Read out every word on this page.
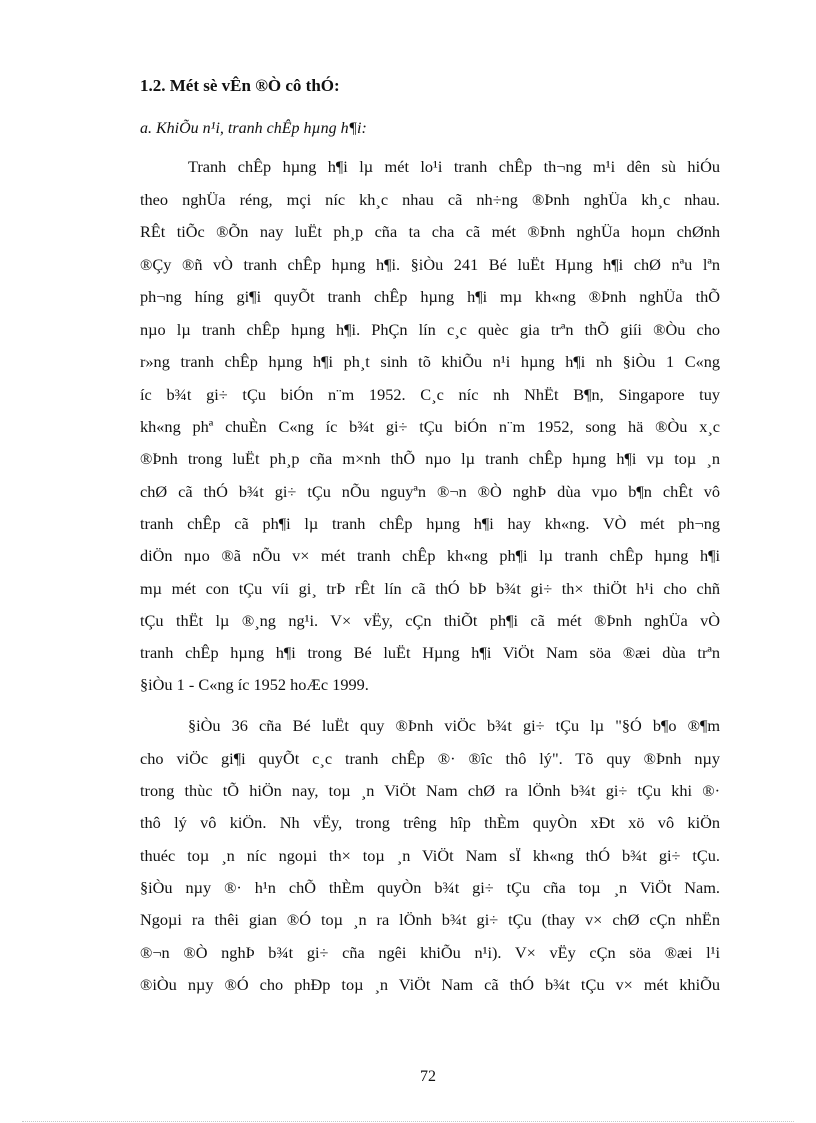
1.2. Mét sè vÊn ®Ò cô thÓ:
a. KhiÕu n¹i, tranh chÊp hµng h¶i:
Tranh chÊp hµng h¶i lµ mét lo¹i tranh chÊp th¬ng m¹i dên sù hiÓu
theo nghÜa réng, mçi níc kh¸c nhau cã nh÷ng ®Þnh nghÜa kh¸c nhau.
RÊt tiÕc ®Õn nay luËt ph¸p cña ta cha cã mét ®Þnh nghÜa hoµn chØnh
®Çy ®ñ vÒ tranh chÊp hµng h¶i. §iÒu 241 Bé luËt Hµng h¶i chØ nªu lªn
ph¬ng híng gi¶i quyÕt tranh chÊp hµng h¶i mµ kh«ng ®Þnh nghÜa thÕ
nµo lµ tranh chÊp hµng h¶i. PhÇn lín c¸c quèc gia trªn thÕ giíi ®Òu cho
r»ng tranh chÊp hµng h¶i ph¸t sinh tõ khiÕu n¹i hµng h¶i nh §iÒu 1 C«ng
íc b¾t gi÷ tÇu biÓn n¨m 1952. C¸c níc nh NhËt B¶n, Singapore tuy
kh«ng phª chuÈn C«ng íc b¾t gi÷ tÇu biÓn n¨m 1952, song hä ®Òu x¸c
®Þnh trong luËt ph¸p cña m×nh thÕ nµo lµ tranh chÊp hµng h¶i vµ toµ ¸n
chØ cã thÓ b¾t gi÷ tÇu nÕu nguyªn ®¬n ®Ò nghÞ dùa vµo b¶n chÊt vô
tranh chÊp cã ph¶i lµ tranh chÊp hµng h¶i hay kh«ng. VÒ mét ph¬ng
diÖn nµo ®ã nÕu v× mét tranh chÊp kh«ng ph¶i lµ tranh chÊp hµng h¶i
mµ mét con tÇu víi gi¸ trÞ rÊt lín cã thÓ bÞ b¾t gi÷ th× thiÖt h¹i cho chñ
tÇu thËt lµ ®¸ng ng¹i. V× vËy, cÇn thiÕt ph¶i cã mét ®Þnh nghÜa vÒ
tranh chÊp hµng h¶i trong Bé luËt Hµng h¶i ViÖt Nam söa ®æi dùa trªn
§iÒu 1 - C«ng íc 1952 hoÆc 1999.
§iÒu 36 cña Bé luËt quy ®Þnh viÖc b¾t gi÷ tÇu lµ "§Ó b¶o ®¶m
cho viÖc gi¶i quyÕt c¸c tranh chÊp ®· ®îc thô lý". Tõ quy ®Þnh nµy
trong thùc tÕ hiÖn nay, toµ ¸n ViÖt Nam chØ ra lÖnh b¾t gi÷ tÇu khi ®·
thô lý vô kiÖn. Nh vËy, trong trêng hîp thÈm quyÒn xÐt xö vô kiÖn
thuéc toµ ¸n níc ngoµi th× toµ ¸n ViÖt Nam sÏ kh«ng thÓ b¾t gi÷ tÇu.
§iÒu nµy ®· h¹n chÕ thÈm quyÒn b¾t gi÷ tÇu cña toµ ¸n ViÖt Nam.
Ngoµi ra thêi gian ®Ó toµ ¸n ra lÖnh b¾t gi÷ tÇu (thay v× chØ cÇn nhËn
®¬n ®Ò nghÞ b¾t gi÷ cña ngêi khiÕu n¹i). V× vËy cÇn söa ®æi l¹i
®iÒu nµy ®Ó cho phÐp toµ ¸n ViÖt Nam cã thÓ b¾t tÇu v× mét khiÕu
72
